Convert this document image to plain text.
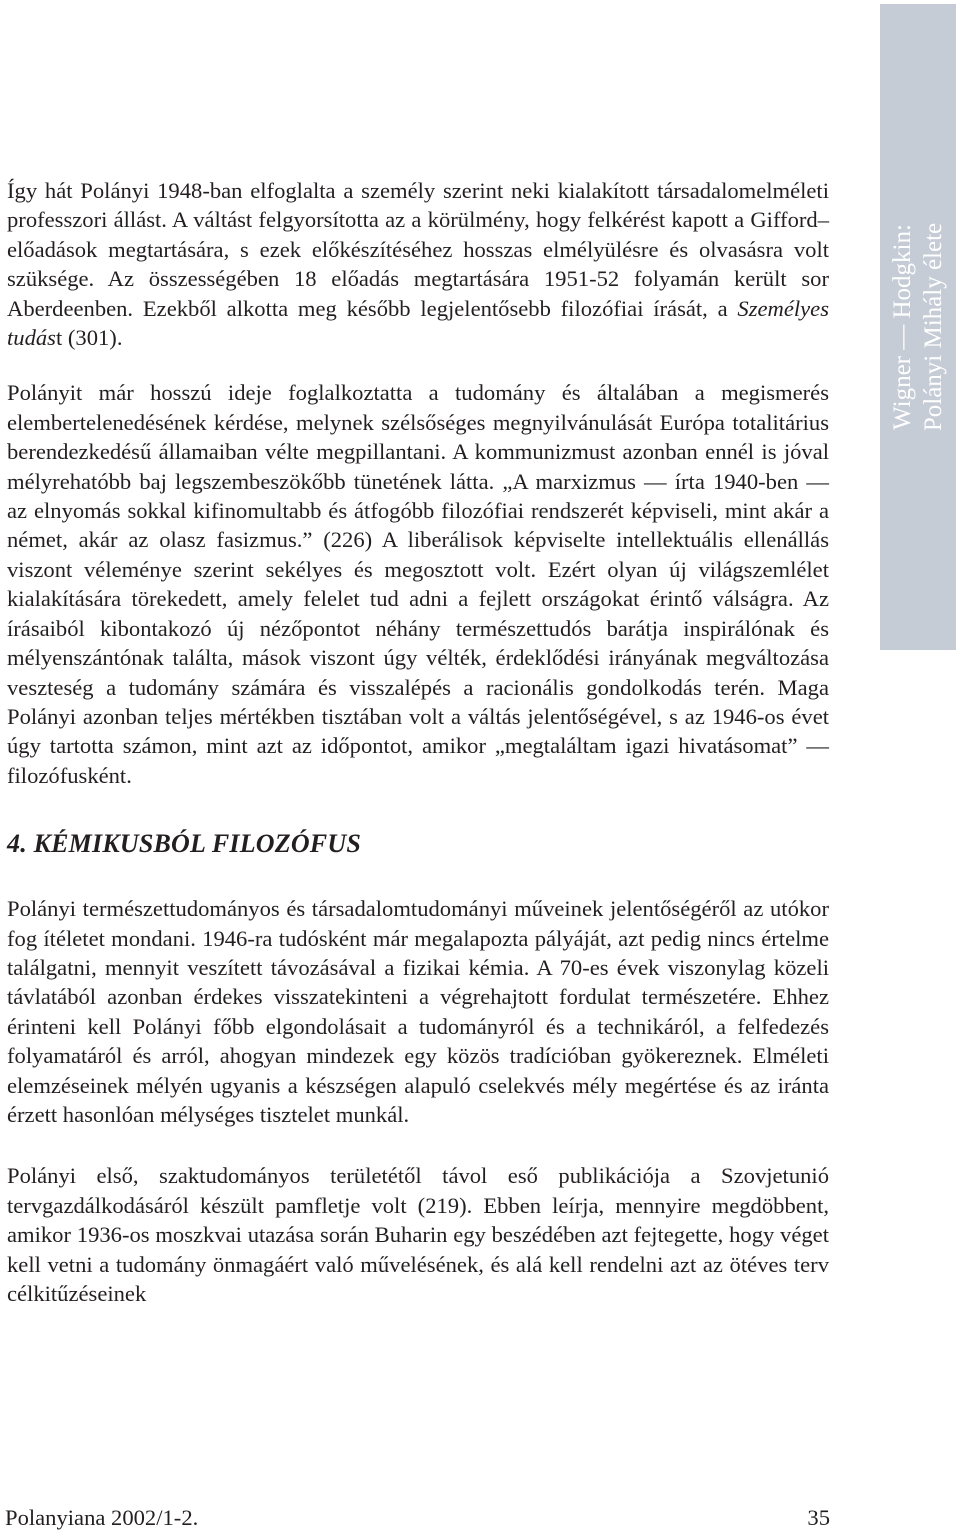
Így hát Polányi 1948-ban elfoglalta a személy szerint neki kialakított társadalomelméleti professzori állást. A váltást felgyorsította az a körülmény, hogy felkérést kapott a Gifford–előadások megtartására, s ezek előkészítéséhez hosszas elmélyülésre és olvasásra volt szüksége. Az összességében 18 előadás megtartására 1951-52 folyamán került sor Aberdeenben. Ezekből alkotta meg később legjelentősebb filozófiai írását, a Személyes tudást (301).

Polányit már hosszú ideje foglalkoztatta a tudomány és általában a megismerés elembertelenedésének kérdése, melynek szélsőséges megnyilvánulását Európa totalitárius berendezkedésű államaiban vélte megpillantani. A kommunizmust azonban ennél is jóval mélyrehatóbb baj legszembeszökőbb tünetének látta. „A marxizmus — írta 1940-ben — az elnyomás sokkal kifinomultabb és átfogóbb filozófiai rendszerét képviseli, mint akár a német, akár az olasz fasizmus.” (226) A liberálisok képviselte intellektuális ellenállás viszont véleménye szerint sekélyes és megosztott volt. Ezért olyan új világszemlélet kialakítására törekedett, amely felelet tud adni a fejlett országokat érintő válságra. Az írásaiból kibontakozó új nézőpontot néhány természettudós barátja inspirálónak és mélyenszántónak találta, mások viszont úgy vélték, érdeklődési irányának megváltozása veszteség a tudomány számára és visszalépés a racionális gondolkodás terén. Maga Polányi azonban teljes mértékben tisztában volt a váltás jelentőségével, s az 1946-os évet úgy tartotta számon, mint azt az időpontot, amikor „megtaláltam igazi hivatásomat” — filozófusként.

4. KÉMIKUSBÓL FILOZÓFUS

Polányi természettudományos és társadalomtudományi műveinek jelentőségéről az utókor fog ítéletet mondani. 1946-ra tudósként már megalapozta pályáját, azt pedig nincs értelme találgatni, mennyit veszített távozásával a fizikai kémia. A 70-es évek viszonylag közeli távlatából azonban érdekes visszatekinteni a végrehajtott fordulat természetére. Ehhez érinteni kell Polányi főbb elgondolásait a tudományról és a technikáról, a felfedezés folyamatáról és arról, ahogyan mindezek egy közös tradícióban gyökereznek. Elméleti elemzéseinek mélyén ugyanis a készségen alapuló cselekvés mély megértése és az iránta érzett hasonlóan mélységes tisztelet munkál.

Polányi első, szaktudományos területétől távol eső publikációja a Szovjetunió tervgazdálkodásáról készült pamfletje volt (219). Ebben leírja, mennyire megdöbbent, amikor 1936-os moszkvai utazása során Buharin egy beszédében azt fejtegette, hogy véget kell vetni a tudomány önmagáért való művelésének, és alá kell rendelni azt az ötéves terv célkitűzéseinek

Wigner — Hodgkin: Polányi Mihály élete
Polanyiana 2002/1-2.	35
